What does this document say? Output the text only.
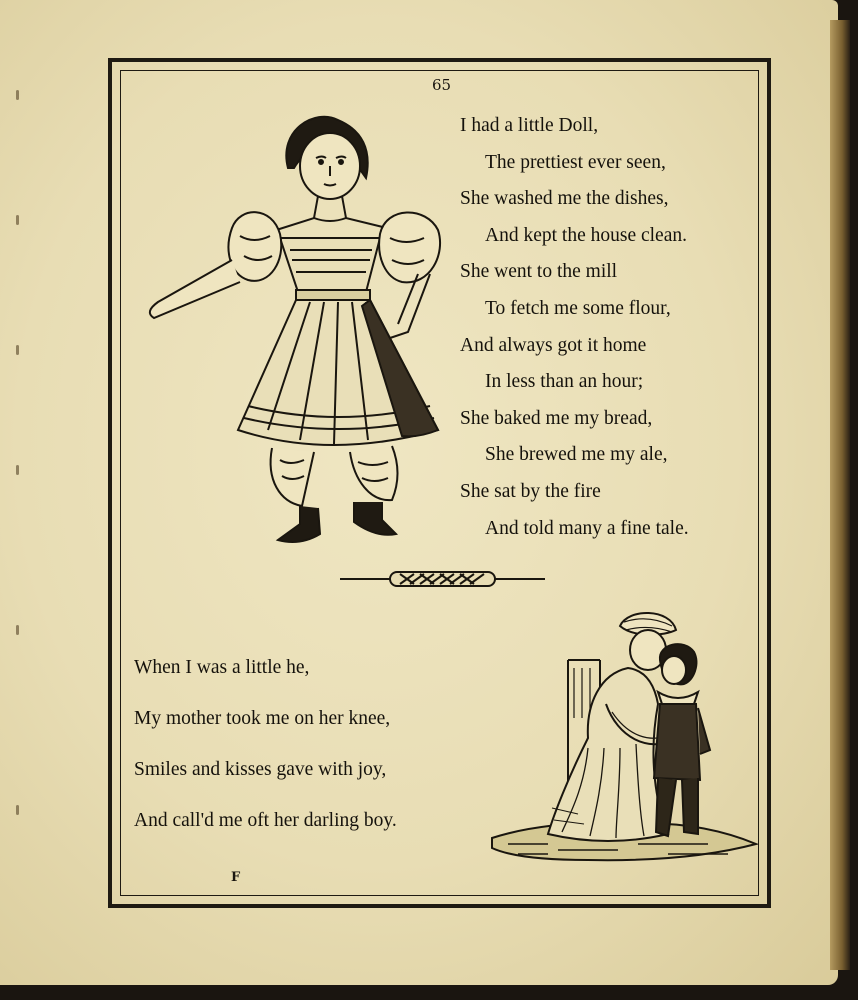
65
I had a little Doll,
The prettiest ever seen,
She washed me the dishes,
And kept the house clean.
She went to the mill
To fetch me some flour,
And always got it home
In less than an hour;
She baked me my bread,
She brewed me my ale,
She sat by the fire
And told many a fine tale.
When I was a little he,
My mother took me on her knee,
Smiles and kisses gave with joy,
And call'd me oft her darling boy.
F
